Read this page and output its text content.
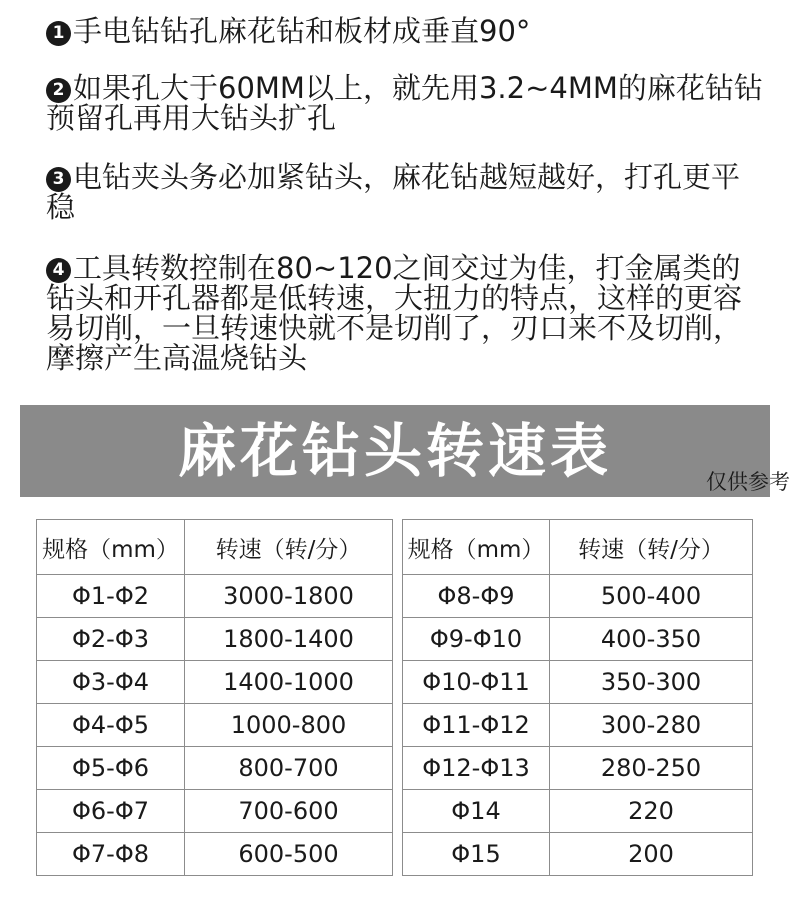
1 手电钻钻孔麻花钻和板材成垂直90°
2 如果孔大于60MM以上，就先用3.2~4MM的麻花钻钻预留孔再用大钻头扩孔
3 电钻夹头务必加紧钻头，麻花钻越短越好，打孔更平稳
4 工具转数控制在80~120之间交过为佳，打金属类的钻头和开孔器都是低转速，大扭力的特点，这样的更容易切削，一旦转速快就不是切削了，刃口来不及切削，摩擦产生高温烧钻头
麻花钻头转速表	仅供参考
规格（mm）	转速（转/分）
Φ1-Φ2	3000-1800
Φ2-Φ3	1800-1400
Φ3-Φ4	1400-1000
Φ4-Φ5	1000-800
Φ5-Φ6	800-700
Φ6-Φ7	700-600
Φ7-Φ8	600-500
规格（mm）	转速（转/分）
Φ8-Φ9	500-400
Φ9-Φ10	400-350
Φ10-Φ11	350-300
Φ11-Φ12	300-280
Φ12-Φ13	280-250
Φ14	220
Φ15	200
